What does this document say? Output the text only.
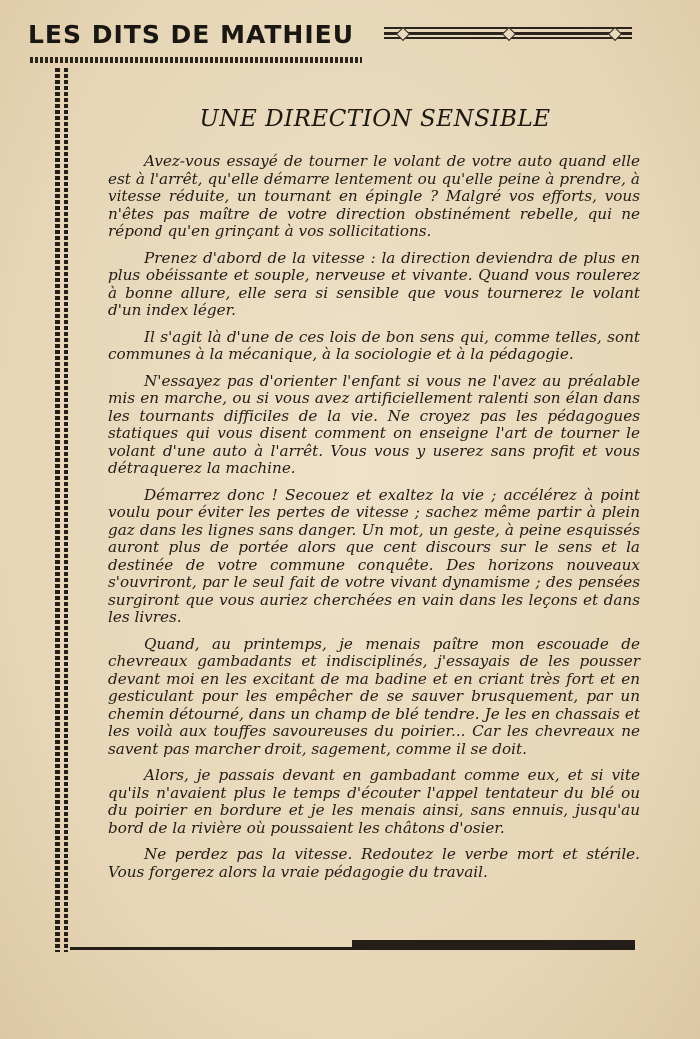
LES DITS DE MATHIEU
UNE DIRECTION SENSIBLE

Avez-vous essayé de tourner le volant de votre auto quand elle est à l'arrêt, qu'elle démarre lentement ou qu'elle peine à prendre, à vitesse réduite, un tournant en épingle ? Malgré vos efforts, vous n'êtes pas maître de votre direction obstinément rebelle, qui ne répond qu'en grinçant à vos sollicitations.

Prenez d'abord de la vitesse : la direction deviendra de plus en plus obéissante et souple, nerveuse et vivante. Quand vous roulerez à bonne allure, elle sera si sensible que vous tournerez le volant d'un index léger.

Il s'agit là d'une de ces lois de bon sens qui, comme telles, sont communes à la mécanique, à la sociologie et à la pédagogie.

N'essayez pas d'orienter l'enfant si vous ne l'avez au préalable mis en marche, ou si vous avez artificiellement ralenti son élan dans les tournants difficiles de la vie. Ne croyez pas les pédagogues statiques qui vous disent comment on enseigne l'art de tourner le volant d'une auto à l'arrêt. Vous vous y userez sans profit et vous détraquerez la machine.

Démarrez donc ! Secouez et exaltez la vie ; accélérez à point voulu pour éviter les pertes de vitesse ; sachez même partir à plein gaz dans les lignes sans danger. Un mot, un geste, à peine esquissés auront plus de portée alors que cent discours sur le sens et la destinée de votre commune conquête. Des horizons nouveaux s'ouvriront, par le seul fait de votre vivant dynamisme ; des pensées surgiront que vous auriez cherchées en vain dans les leçons et dans les livres.

Quand, au printemps, je menais paître mon escouade de chevreaux gambadants et indisciplinés, j'essayais de les pousser devant moi en les excitant de ma badine et en criant très fort et en gesticulant pour les empêcher de se sauver brusquement, par un chemin détourné, dans un champ de blé tendre. Je les en chassais et les voilà aux touffes savoureuses du poirier... Car les chevreaux ne savent pas marcher droit, sagement, comme il se doit.

Alors, je passais devant en gambadant comme eux, et si vite qu'ils n'avaient plus le temps d'écouter l'appel tentateur du blé ou du poirier en bordure et je les menais ainsi, sans ennuis, jusqu'au bord de la rivière où poussaient les châtons d'osier.

Ne perdez pas la vitesse. Redoutez le verbe mort et stérile. Vous forgerez alors la vraie pédagogie du travail.
